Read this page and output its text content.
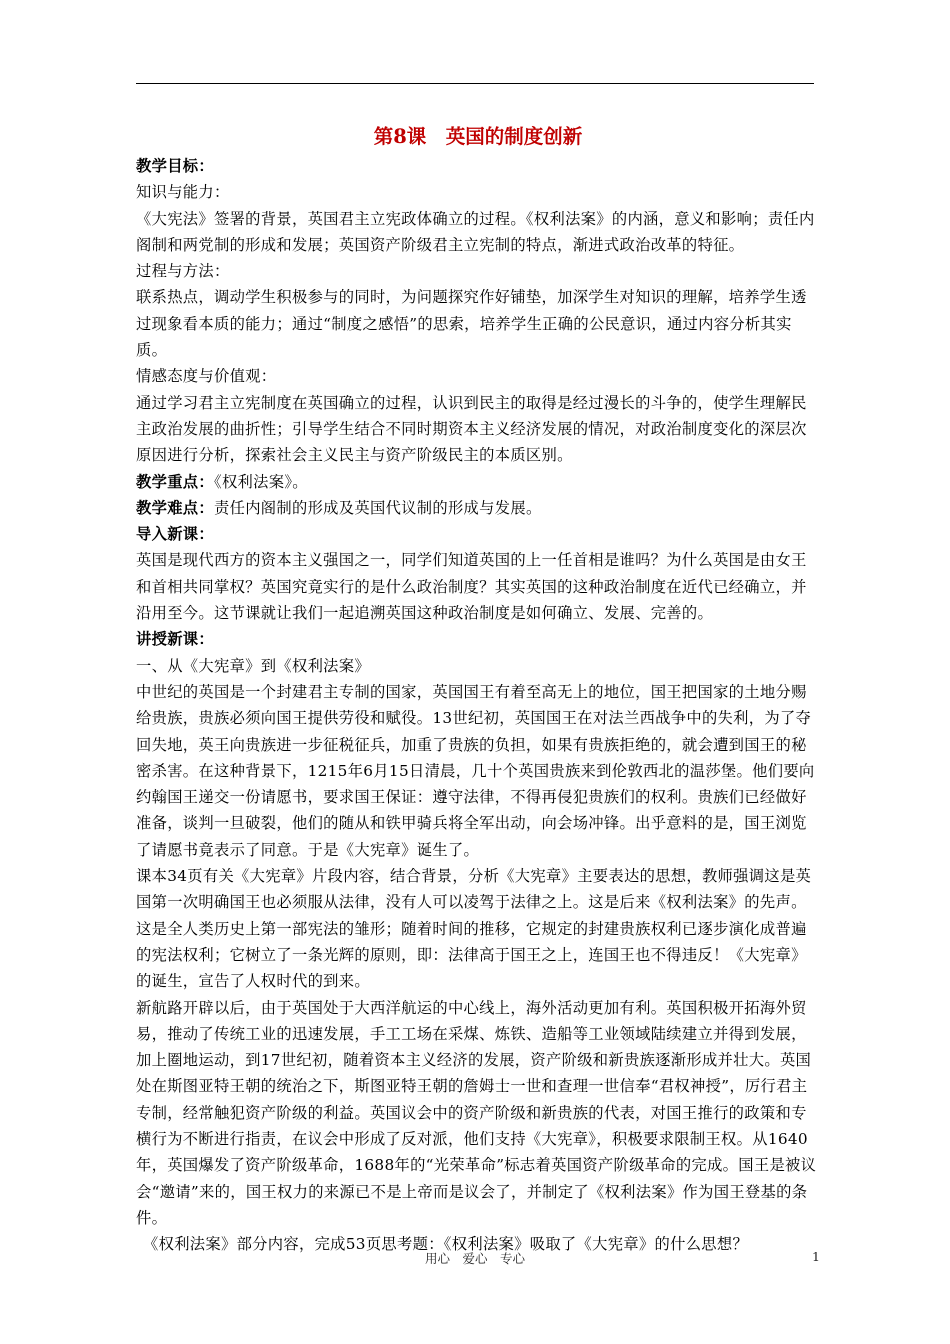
第8课　英国的制度创新

教学目标：

知识与能力：

《大宪法》签署的背景，英国君主立宪政体确立的过程。《权利法案》的内涵，意义和影响；责任内阁制和两党制的形成和发展；英国资产阶级君主立宪制的特点，渐进式政治改革的特征。

过程与方法：

联系热点，调动学生积极参与的同时，为问题探究作好铺垫，加深学生对知识的理解，培养学生透过现象看本质的能力；通过“制度之感悟”的思索，培养学生正确的公民意识，通过内容分析其实质。

情感态度与价值观：

通过学习君主立宪制度在英国确立的过程，认识到民主的取得是经过漫长的斗争的，使学生理解民主政治发展的曲折性；引导学生结合不同时期资本主义经济发展的情况，对政治制度变化的深层次原因进行分析，探索社会主义民主与资产阶级民主的本质区别。

教学重点：《权利法案》。

教学难点：责任内阁制的形成及英国代议制的形成与发展。

导入新课：

英国是现代西方的资本主义强国之一，同学们知道英国的上一任首相是谁吗？为什么英国是由女王和首相共同掌权？英国究竟实行的是什么政治制度？其实英国的这种政治制度在近代已经确立，并沿用至今。这节课就让我们一起追溯英国这种政治制度是如何确立、发展、完善的。

讲授新课：

一、从《大宪章》到《权利法案》

中世纪的英国是一个封建君主专制的国家，英国国王有着至高无上的地位，国王把国家的土地分赐给贵族，贵族必须向国王提供劳役和赋役。13世纪初，英国国王在对法兰西战争中的失利，为了夺回失地，英王向贵族进一步征税征兵，加重了贵族的负担，如果有贵族拒绝的，就会遭到国王的秘密杀害。在这种背景下，1215年6月15日清晨，几十个英国贵族来到伦敦西北的温莎堡。他们要向约翰国王递交一份请愿书，要求国王保证：遵守法律，不得再侵犯贵族们的权利。贵族们已经做好准备，谈判一旦破裂，他们的随从和铁甲骑兵将全军出动，向会场冲锋。出乎意料的是，国王浏览了请愿书竟表示了同意。于是《大宪章》诞生了。

课本34页有关《大宪章》片段内容，结合背景，分析《大宪章》主要表达的思想，教师强调这是英国第一次明确国王也必须服从法律，没有人可以凌驾于法律之上。这是后来《权利法案》的先声。

这是全人类历史上第一部宪法的雏形；随着时间的推移，它规定的封建贵族权利已逐步演化成普遍的宪法权利；它树立了一条光辉的原则，即：法律高于国王之上，连国王也不得违反！《大宪章》的诞生，宣告了人权时代的到来。

新航路开辟以后，由于英国处于大西洋航运的中心线上，海外活动更加有利。英国积极开拓海外贸易，推动了传统工业的迅速发展，手工工场在采煤、炼铁、造船等工业领域陆续建立并得到发展，加上圈地运动，到17世纪初，随着资本主义经济的发展，资产阶级和新贵族逐渐形成并壮大。英国处在斯图亚特王朝的统治之下，斯图亚特王朝的詹姆士一世和查理一世信奉“君权神授”，厉行君主专制，经常触犯资产阶级的利益。英国议会中的资产阶级和新贵族的代表，对国王推行的政策和专横行为不断进行指责，在议会中形成了反对派，他们支持《大宪章》，积极要求限制王权。从1640年，英国爆发了资产阶级革命，1688年的“光荣革命”标志着英国资产阶级革命的完成。国王是被议会“邀请”来的，国王权力的来源已不是上帝而是议会了，并制定了《权利法案》作为国王登基的条件。

《权利法案》部分内容，完成53页思考题：《权利法案》吸取了《大宪章》的什么思想？

用心　爱心　专心	1
